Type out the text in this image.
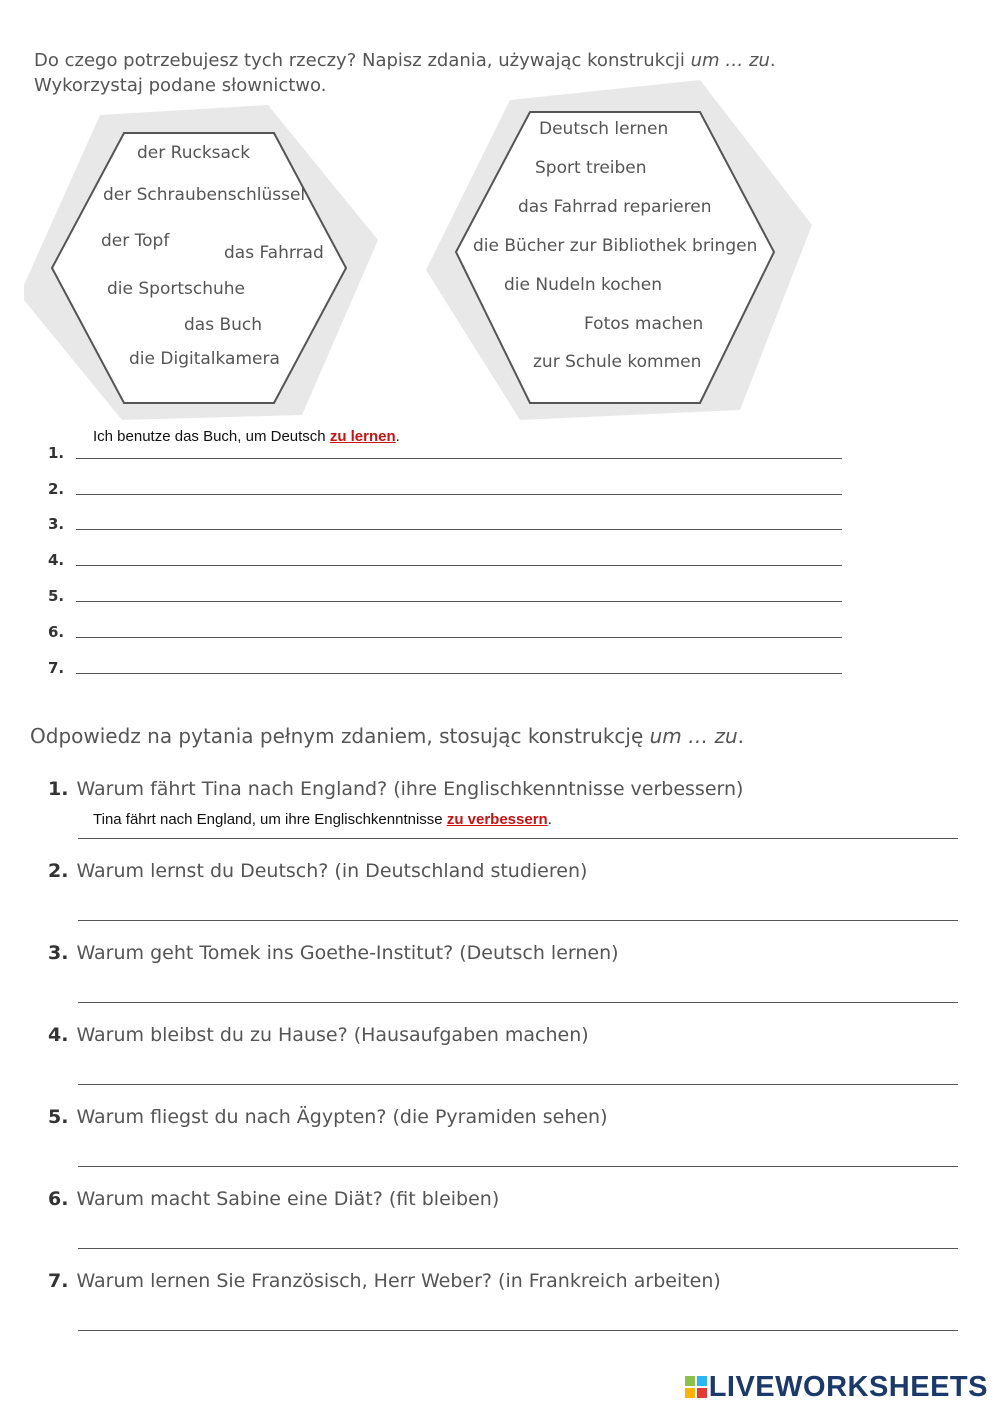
Do czego potrzebujesz tych rzeczy? Napisz zdania, używając konstrukcji um … zu.
Wykorzystaj podane słownictwo.
der Rucksack
der Schraubenschlüssel
der Topf
das Fahrrad
die Sportschuhe
das Buch
die Digitalkamera
Deutsch lernen
Sport treiben
das Fahrrad reparieren
die Bücher zur Bibliothek bringen
die Nudeln kochen
Fotos machen
zur Schule kommen
Ich benutze das Buch, um Deutsch zu lernen.
1.
2.
3.
4.
5.
6.
7.
Odpowiedz na pytania pełnym zdaniem, stosując konstrukcję um … zu.
1. Warum fährt Tina nach England? (ihre Englischkenntnisse verbessern)
Tina fährt nach England, um ihre Englischkenntnisse zu verbessern.
2. Warum lernst du Deutsch? (in Deutschland studieren)
3. Warum geht Tomek ins Goethe-Institut? (Deutsch lernen)
4. Warum bleibst du zu Hause? (Hausaufgaben machen)
5. Warum fliegst du nach Ägypten? (die Pyramiden sehen)
6. Warum macht Sabine eine Diät? (fit bleiben)
7. Warum lernen Sie Französisch, Herr Weber? (in Frankreich arbeiten)
LIVEWORKSHEETS
